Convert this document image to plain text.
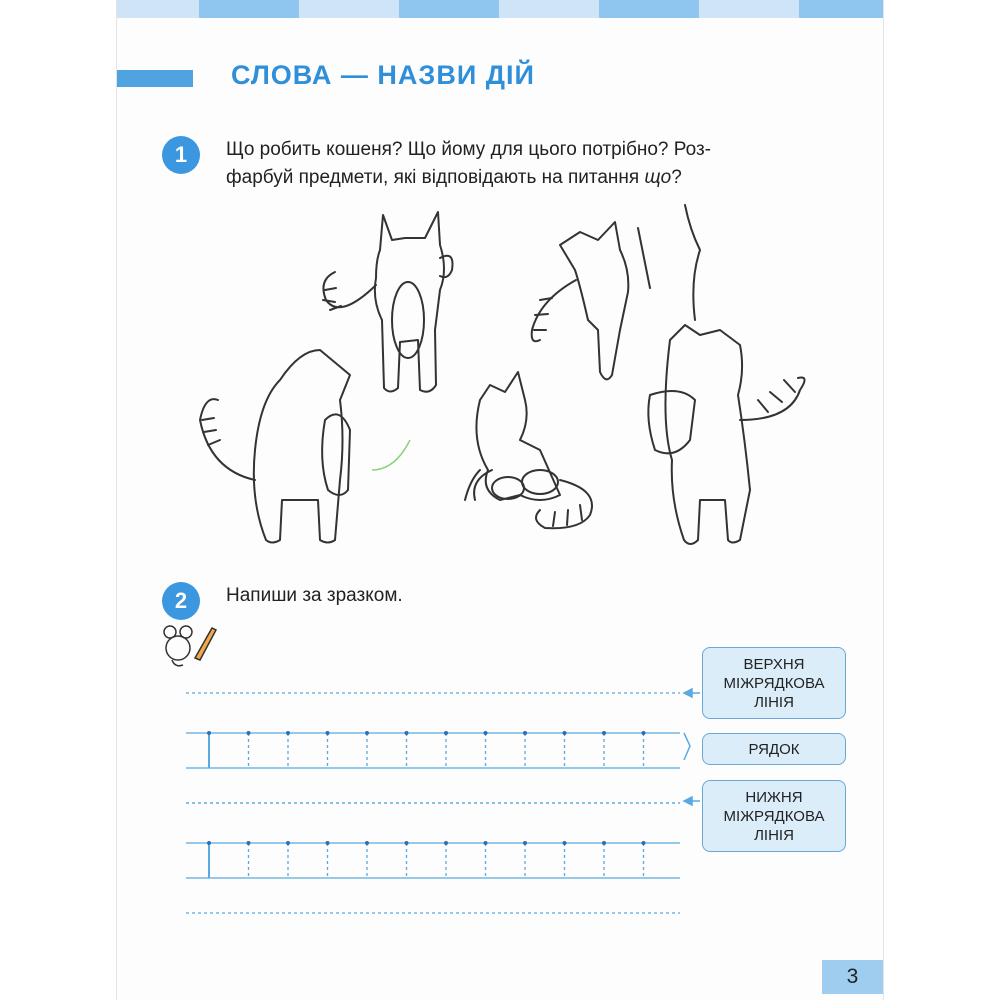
СЛОВА — НАЗВИ ДІЙ
1	Що робить кошеня? Що йому для цього потрібно? Роз-
фарбуй предмети, які відповідають на питання що?
2	Напиши за зразком.
ВЕРХНЯ
МІЖРЯДКОВА
ЛІНІЯ
РЯДОК
НИЖНЯ
МІЖРЯДКОВА
ЛІНІЯ
3
